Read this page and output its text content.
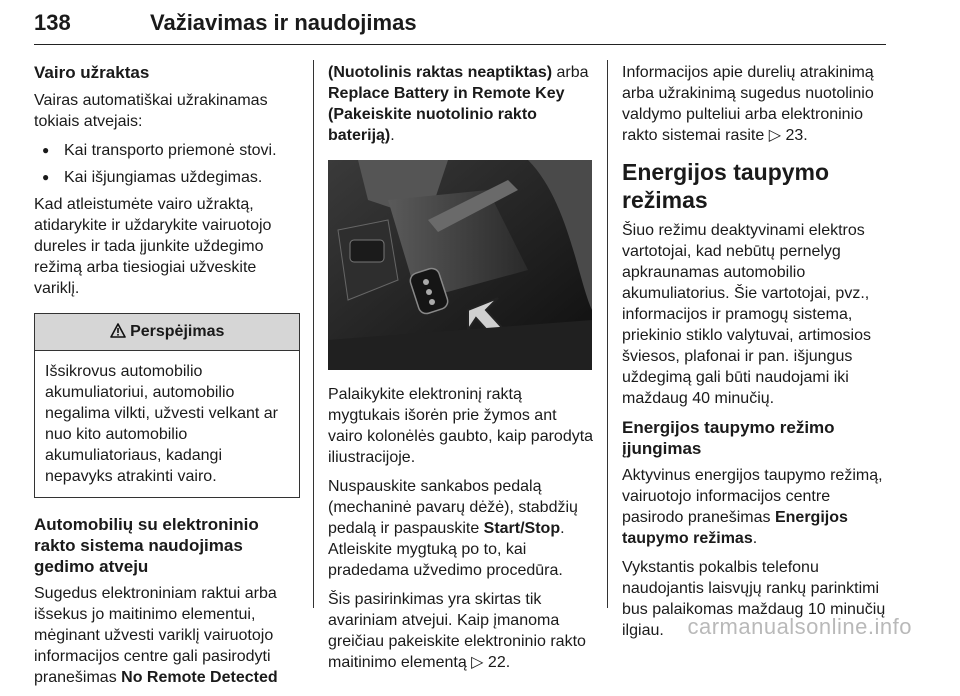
138	Važiavimas ir naudojimas
Vairo užraktas

Vairas automatiškai užrakinamas tokiais atvejais:

● Kai transporto priemonė stovi.
● Kai išjungiamas uždegimas.

Kad atleistumėte vairo užraktą, atidarykite ir uždarykite vairuotojo dureles ir tada įjunkite uždegimo režimą arba tiesiogiai užveskite variklį.

Perspėjimas
Išsikrovus automobilio akumuliatoriui, automobilio negalima vilkti, užvesti velkant ar nuo kito automobilio akumuliatoriaus, kadangi nepavyks atrakinti vairo.
Automobilių su elektroninio rakto sistema naudojimas gedimo atveju

Sugedus elektroniniam raktui arba išsekus jo maitinimo elementui, mėginant užvesti variklį vairuotojo informacijos centre gali pasirodyti pranešimas No Remote Detected

(Nuotolinis raktas neaptiktas) arba Replace Battery in Remote Key (Pakeiskite nuotolinio rakto bateriją).

Palaikykite elektroninį raktą mygtukais išorėn prie žymos ant vairo kolonėlės gaubto, kaip parodyta iliustracijoje.

Nuspauskite sankabos pedalą (mechaninė pavarų dėžė), stabdžių pedalą ir paspauskite Start/Stop. Atleiskite mygtuką po to, kai pradedama užvedimo procedūra.

Šis pasirinkimas yra skirtas tik avariniam atvejui. Kaip įmanoma greičiau pakeiskite elektroninio rakto maitinimo elementą ▷ 22.

Informacijos apie durelių atrakinimą arba užrakinimą sugedus nuotolinio valdymo pulteliui arba elektroninio rakto sistemai rasite ▷ 23.

Energijos taupymo režimas

Šiuo režimu deaktyvinami elektros vartotojai, kad nebūtų pernelyg apkraunamas automobilio akumuliatorius. Šie vartotojai, pvz., informacijos ir pramogų sistema, priekinio stiklo valytuvai, artimosios šviesos, plafonai ir pan. išjungus uždegimą gali būti naudojami iki maždaug 40 minučių.

Energijos taupymo režimo įjungimas

Aktyvinus energijos taupymo režimą, vairuotojo informacijos centre pasirodo pranešimas Energijos taupymo režimas.

Vykstantis pokalbis telefonu naudojantis laisvųjų rankų parinktimi bus palaikomas maždaug 10 minučių ilgiau.	carmanualsonline.info
